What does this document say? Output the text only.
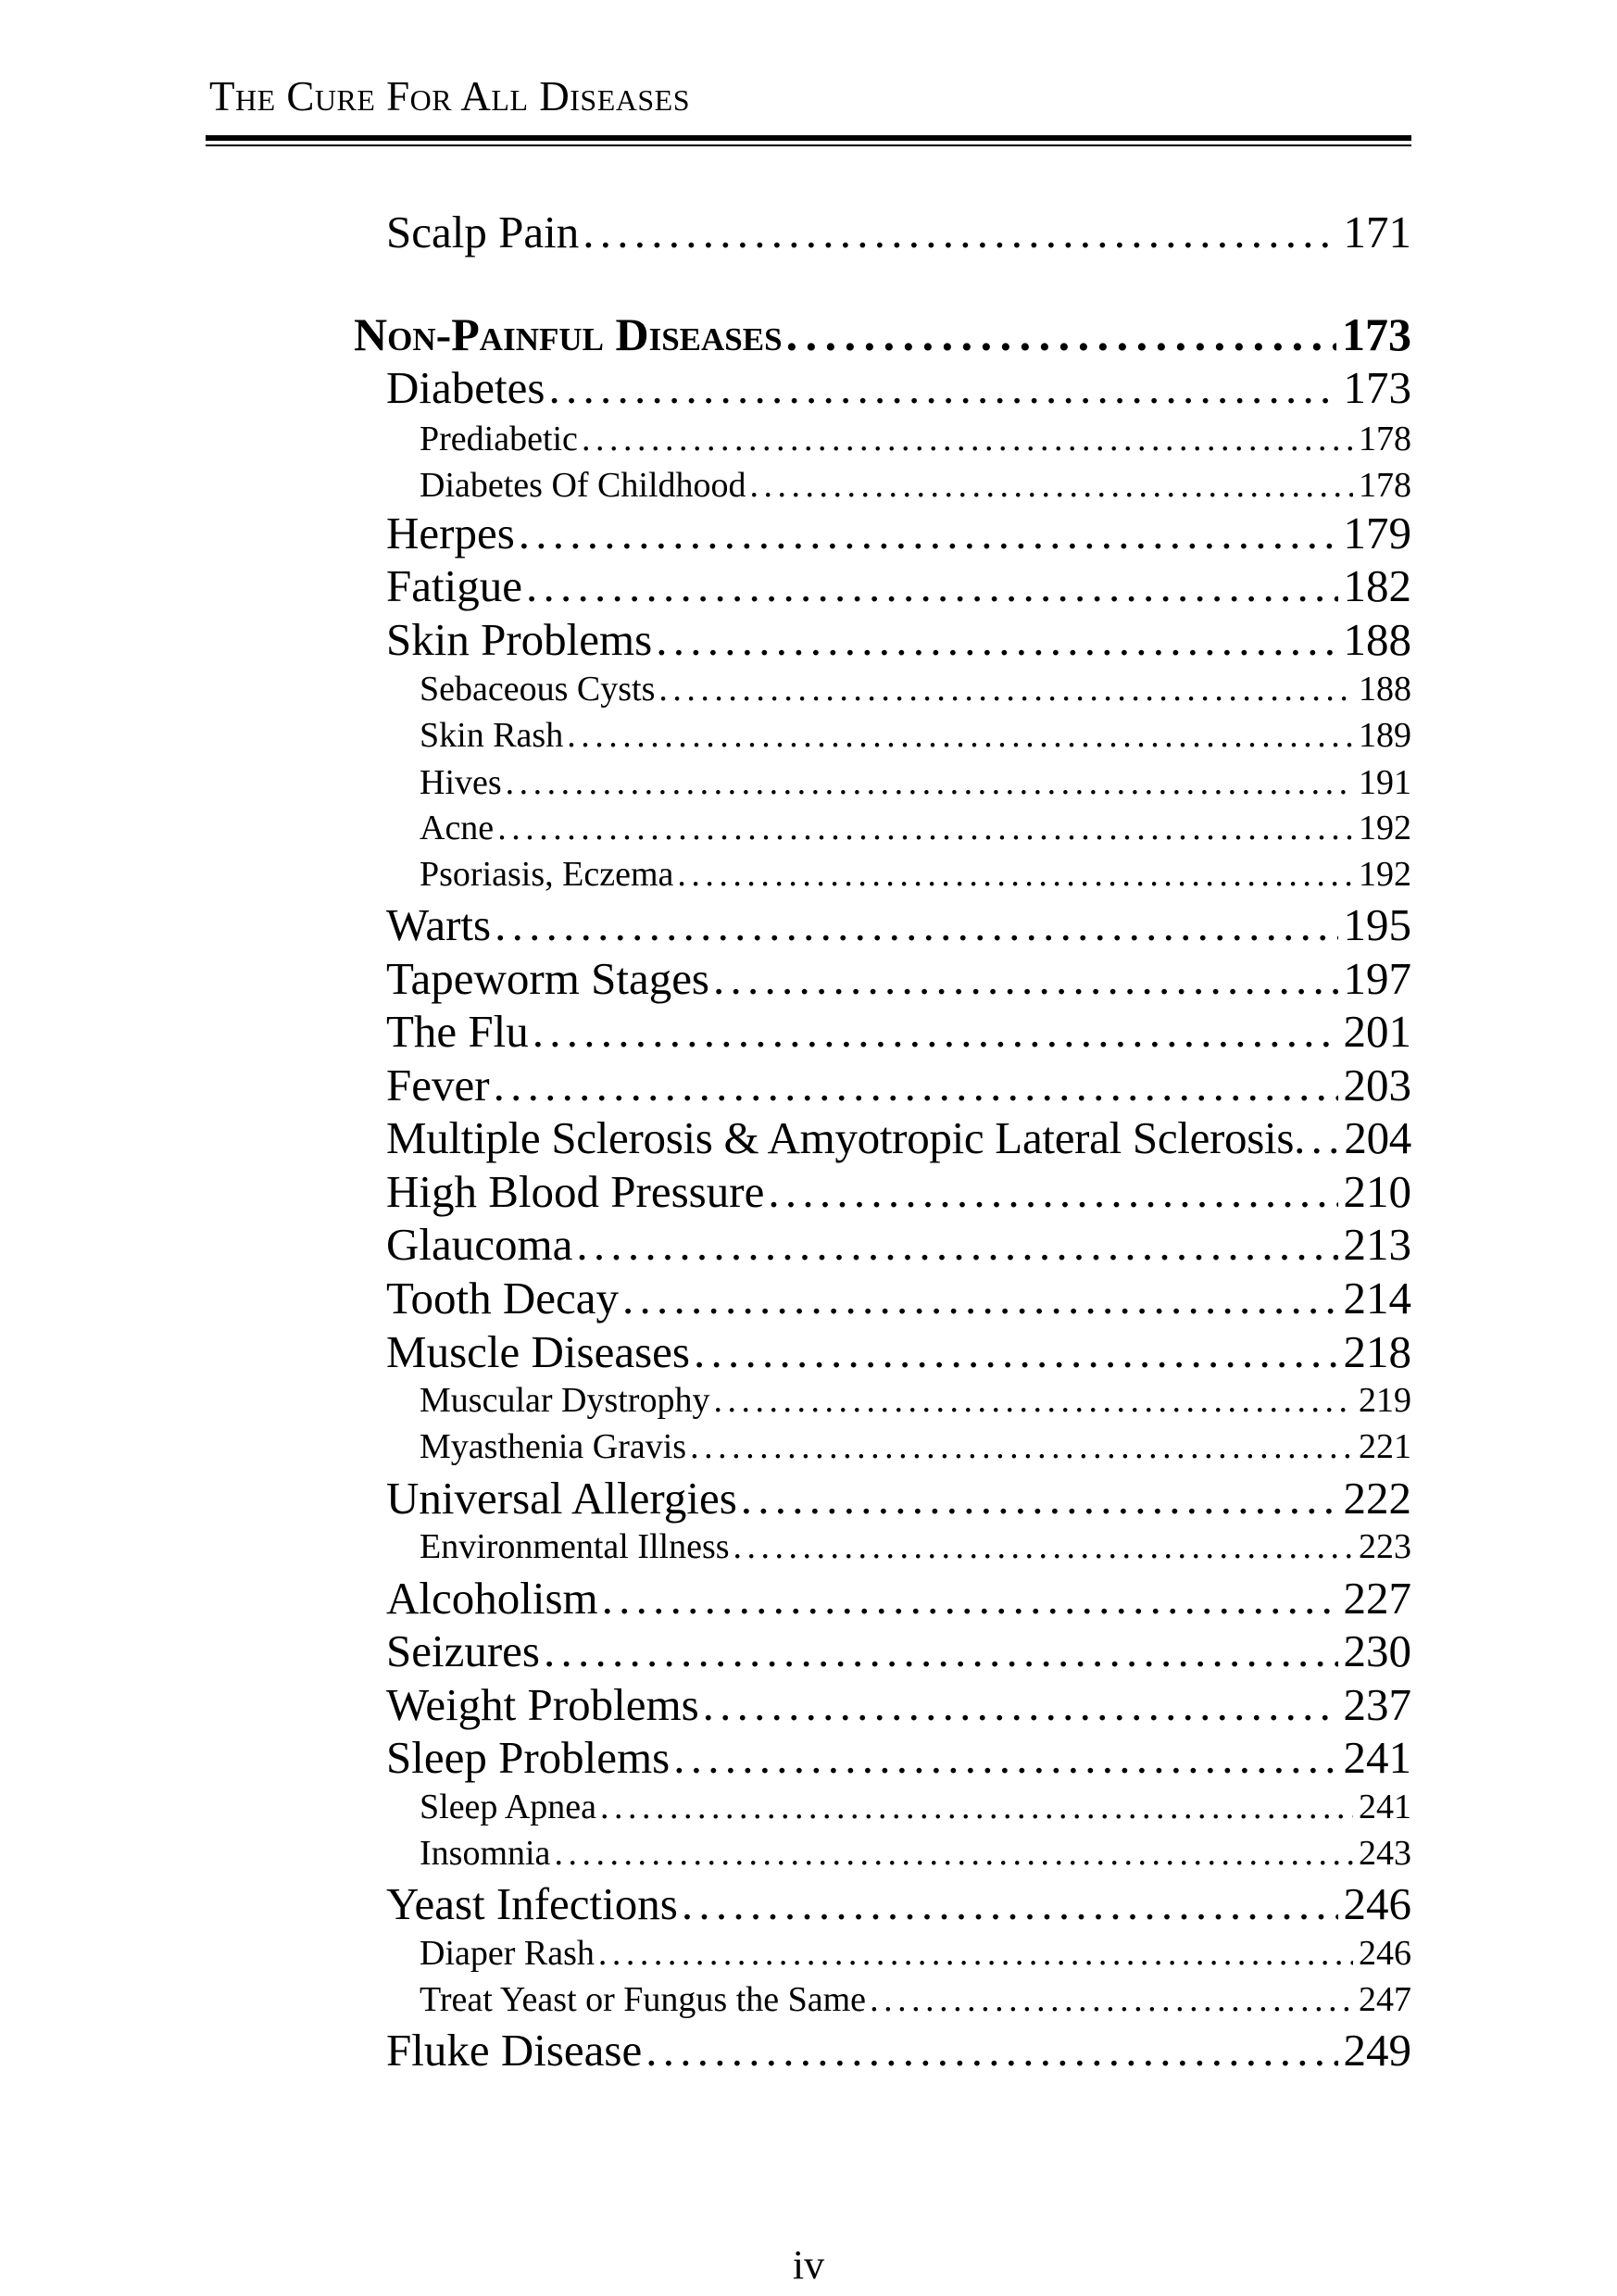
The Cure For All Diseases
Scalp Pain . . .	171
Non-Painful Diseases . . .	173
Diabetes . . .	173
Prediabetic . . .	178
Diabetes Of Childhood . . .	178
Herpes . . .	179
Fatigue . . .	182
Skin Problems . . .	188
Sebaceous Cysts . . .	188
Skin Rash . . .	189
Hives . . .	191
Acne . . .	192
Psoriasis, Eczema . . .	192
Warts . . .	195
Tapeworm Stages . . .	197
The Flu . . .	201
Fever . . .	203
Multiple Sclerosis & Amyotropic Lateral Sclerosis . . . 204
High Blood Pressure . . .	210
Glaucoma . . .	213
Tooth Decay . . .	214
Muscle Diseases . . .	218
Muscular Dystrophy . . .	219
Myasthenia Gravis . . .	221
Universal Allergies . . .	222
Environmental Illness . . .	223
Alcoholism . . .	227
Seizures . . .	230
Weight Problems . . .	237
Sleep Problems . . .	241
Sleep Apnea . . .	241
Insomnia . . .	243
Yeast Infections . . .	246
Diaper Rash . . .	246
Treat Yeast or Fungus the Same . . .	247
Fluke Disease . . .	249
iv
